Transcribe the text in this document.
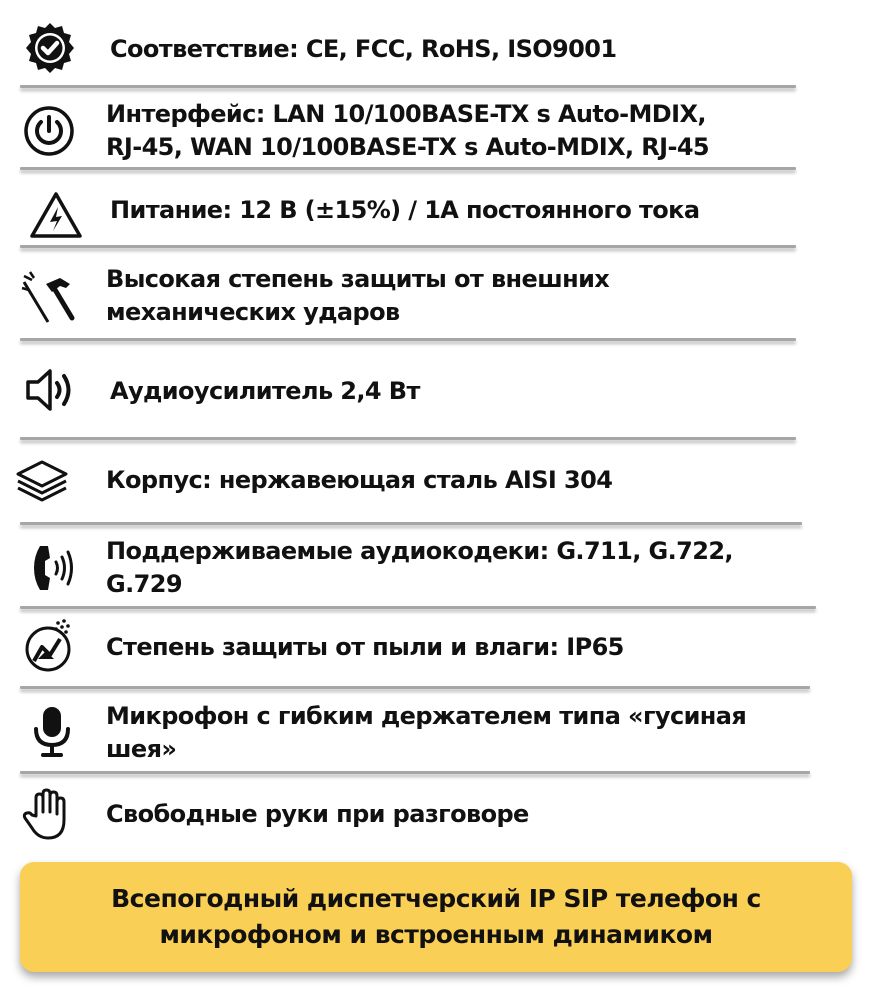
Соответствие: CE, FCC, RoHS, ISO9001
Интерфейс: LAN 10/100BASE-TX s Auto-MDIX,
RJ-45, WAN 10/100BASE-TX s Auto-MDIX, RJ-45
Питание: 12 В (±15%) / 1А постоянного тока
Высокая степень защиты от внешних
механических ударов
Аудиоусилитель 2,4 Вт
Корпус: нержавеющая сталь AISI 304
Поддерживаемые аудиокодеки: G.711, G.722,
G.729
Степень защиты от пыли и влаги: IP65
Микрофон с гибким держателем типа «гусиная
шея»
Свободные руки при разговоре
Всепогодный диспетчерский IP SIP телефон с
микрофоном и встроенным динамиком
